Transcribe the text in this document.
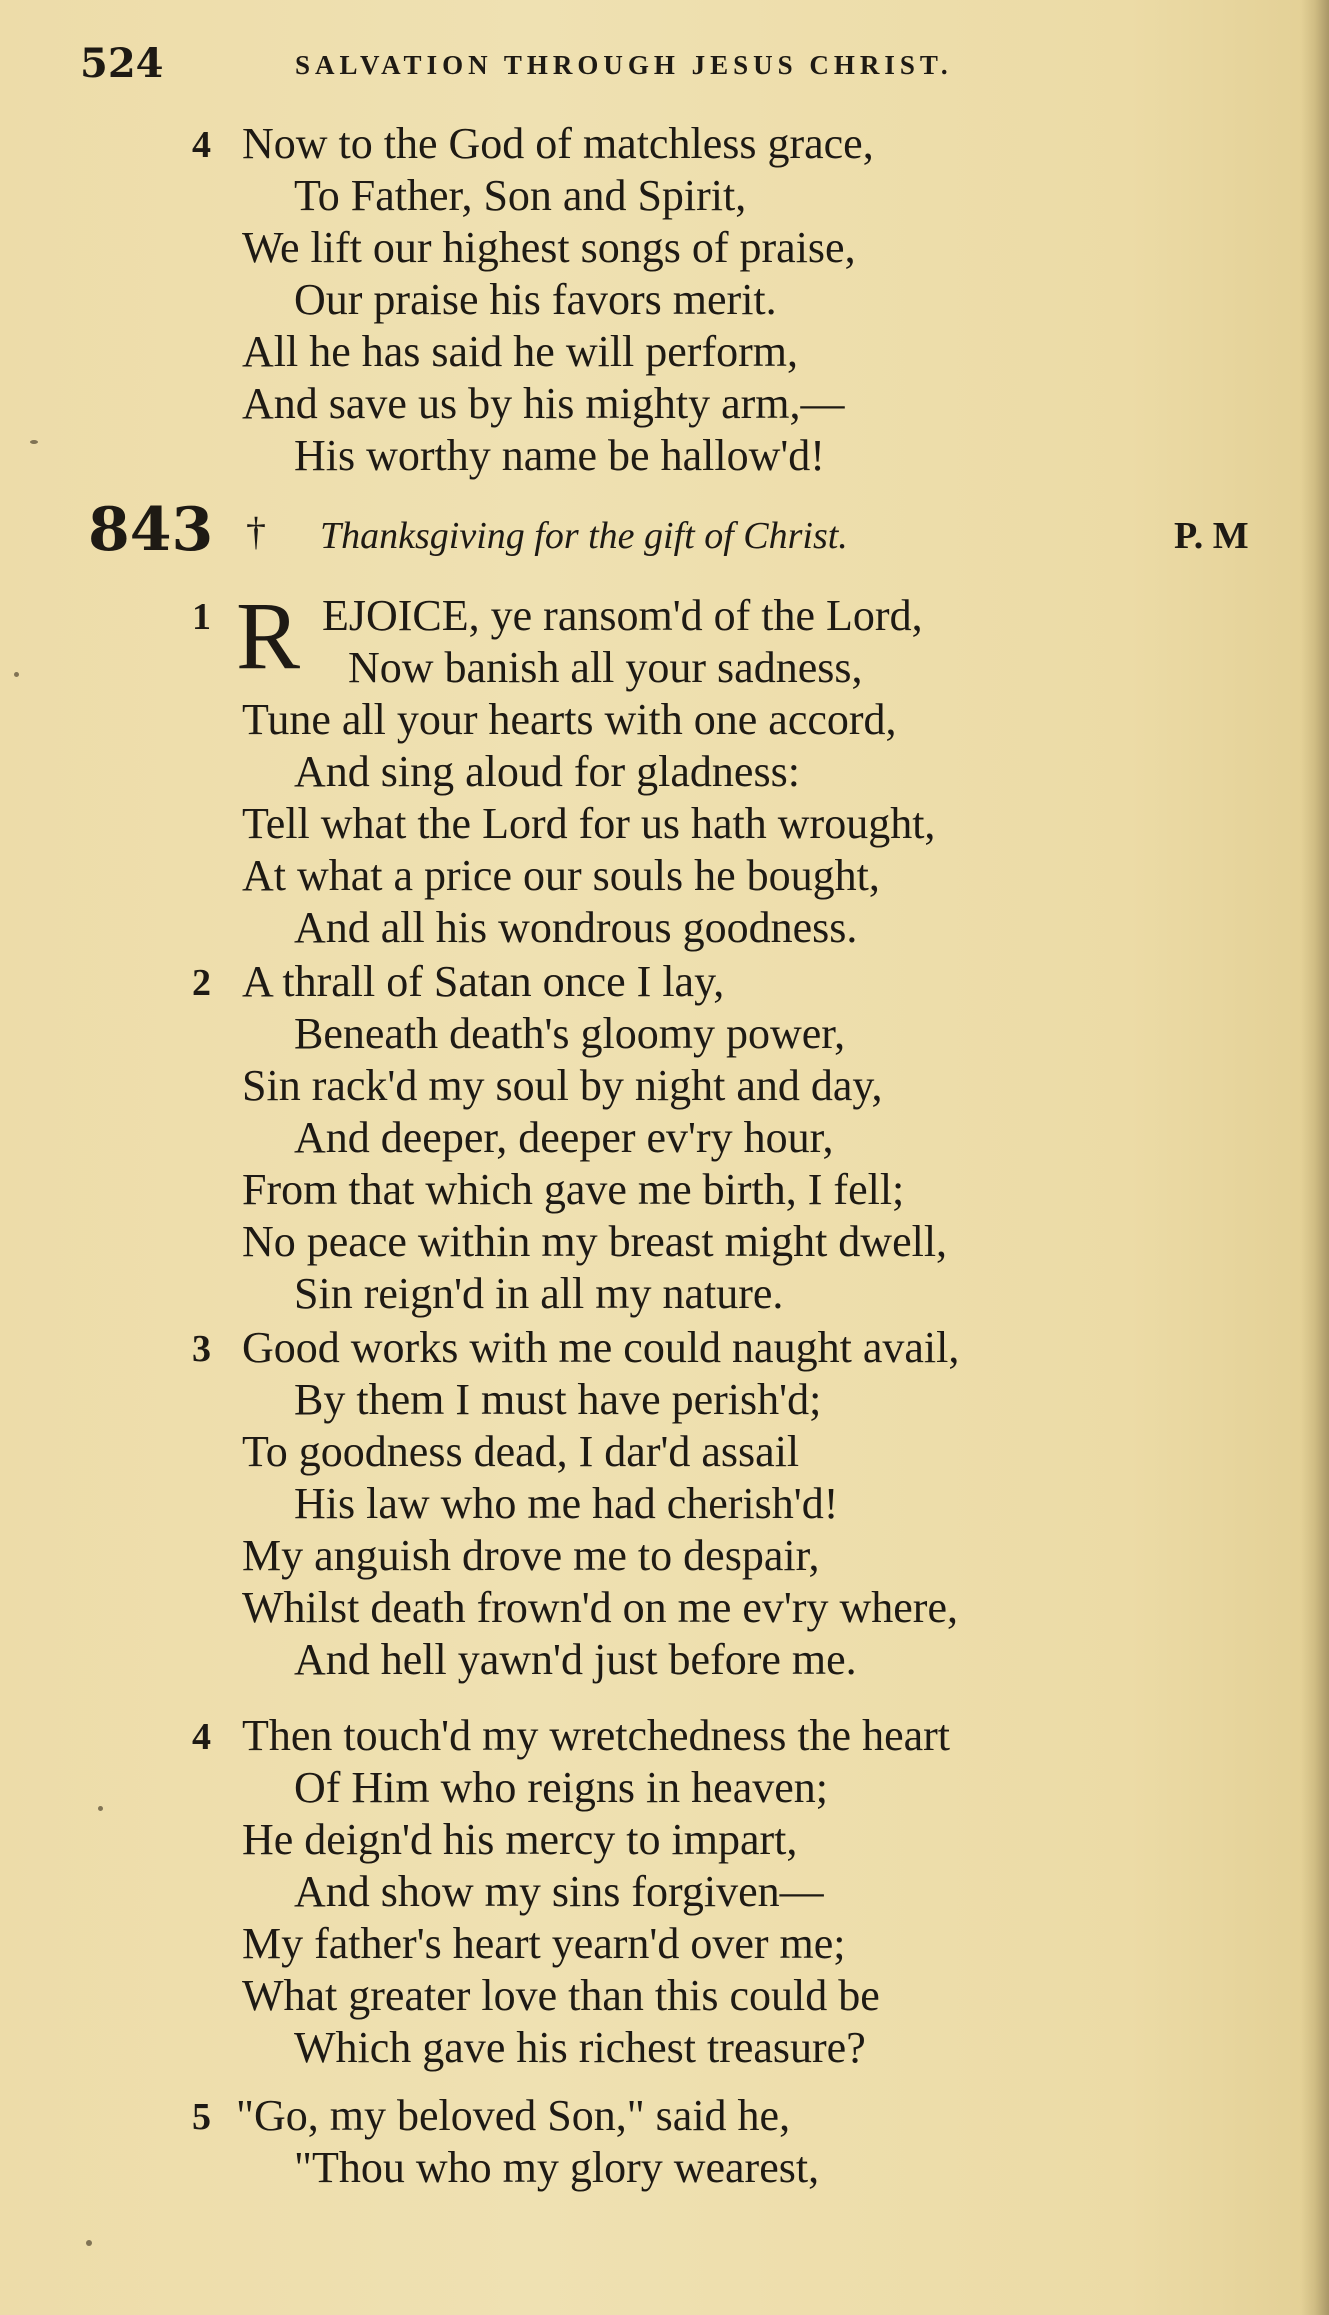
524	SALVATION THROUGH JESUS CHRIST.
4 Now to the God of matchless grace,
To Father, Son and Spirit,
We lift our highest songs of praise,
Our praise his favors merit.
All he has said he will perform,
And save us by his mighty arm,—
His worthy name be hallow'd!
843 † Thanksgiving for the gift of Christ.	P. M
1 R EJOICE, ye ransom'd of the Lord,
Now banish all your sadness,
Tune all your hearts with one accord,
And sing aloud for gladness:
Tell what the Lord for us hath wrought,
At what a price our souls he bought,
And all his wondrous goodness.
2 A thrall of Satan once I lay,
Beneath death's gloomy power,
Sin rack'd my soul by night and day,
And deeper, deeper ev'ry hour,
From that which gave me birth, I fell;
No peace within my breast might dwell,
Sin reign'd in all my nature.
3 Good works with me could naught avail,
By them I must have perish'd;
To goodness dead, I dar'd assail
His law who me had cherish'd!
My anguish drove me to despair,
Whilst death frown'd on me ev'ry where,
And hell yawn'd just before me.
4 Then touch'd my wretchedness the heart
Of Him who reigns in heaven;
He deign'd his mercy to impart,
And show my sins forgiven—
My father's heart yearn'd over me;
What greater love than this could be
Which gave his richest treasure?
5 "Go, my beloved Son," said he,
"Thou who my glory wearest,
